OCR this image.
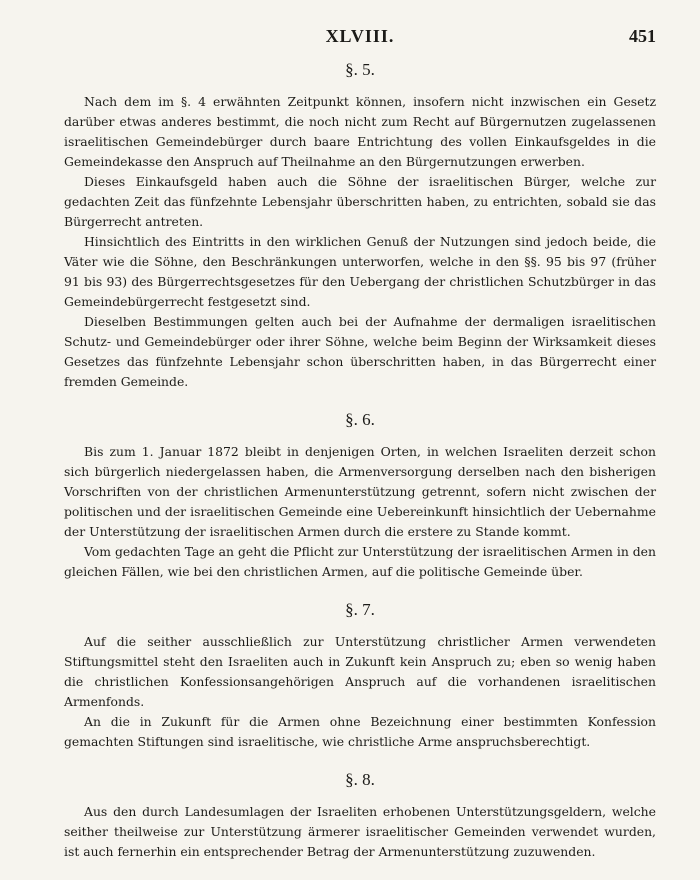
XLVIII.	451
§. 5.

Nach dem im §. 4 erwähnten Zeitpunkt können, insofern nicht inzwischen ein Gesetz darüber etwas anderes bestimmt, die noch nicht zum Recht auf Bürgernutzen zugelassenen israelitischen Gemeindebürger durch baare Entrichtung des vollen Einkaufsgeldes in die Gemeindekasse den Anspruch auf Theilnahme an den Bürgernutzungen erwerben.

Dieses Einkaufsgeld haben auch die Söhne der israelitischen Bürger, welche zur gedachten Zeit das fünfzehnte Lebensjahr überschritten haben, zu entrichten, sobald sie das Bürgerrecht antreten.

Hinsichtlich des Eintritts in den wirklichen Genuß der Nutzungen sind jedoch beide, die Väter wie die Söhne, den Beschränkungen unterworfen, welche in den §§. 95 bis 97 (früher 91 bis 93) des Bürgerrechtsgesetzes für den Uebergang der christlichen Schutzbürger in das Gemeindebürgerrecht festgesetzt sind.

Dieselben Bestimmungen gelten auch bei der Aufnahme der dermaligen israelitischen Schutz- und Gemeindebürger oder ihrer Söhne, welche beim Beginn der Wirksamkeit dieses Gesetzes das fünfzehnte Lebensjahr schon überschritten haben, in das Bürgerrecht einer fremden Gemeinde.

§. 6.

Bis zum 1. Januar 1872 bleibt in denjenigen Orten, in welchen Israeliten derzeit schon sich bürgerlich niedergelassen haben, die Armenversorgung derselben nach den bisherigen Vorschriften von der christlichen Armenunterstützung getrennt, sofern nicht zwischen der politischen und der israelitischen Gemeinde eine Uebereinkunft hinsichtlich der Uebernahme der Unterstützung der israelitischen Armen durch die erstere zu Stande kommt.

Vom gedachten Tage an geht die Pflicht zur Unterstützung der israelitischen Armen in den gleichen Fällen, wie bei den christlichen Armen, auf die politische Gemeinde über.

§. 7.

Auf die seither ausschließlich zur Unterstützung christlicher Armen verwendeten Stiftungsmittel steht den Israeliten auch in Zukunft kein Anspruch zu; eben so wenig haben die christlichen Konfessionsangehörigen Anspruch auf die vorhandenen israelitischen Armenfonds.

An die in Zukunft für die Armen ohne Bezeichnung einer bestimmten Konfession gemachten Stiftungen sind israelitische, wie christliche Arme anspruchsberechtigt.

§. 8.

Aus den durch Landesumlagen der Israeliten erhobenen Unterstützungsgeldern, welche seither theilweise zur Unterstützung ärmerer israelitischer Gemeinden verwendet wurden, ist auch fernerhin ein entsprechender Betrag der Armenunterstützung zuzuwenden.
